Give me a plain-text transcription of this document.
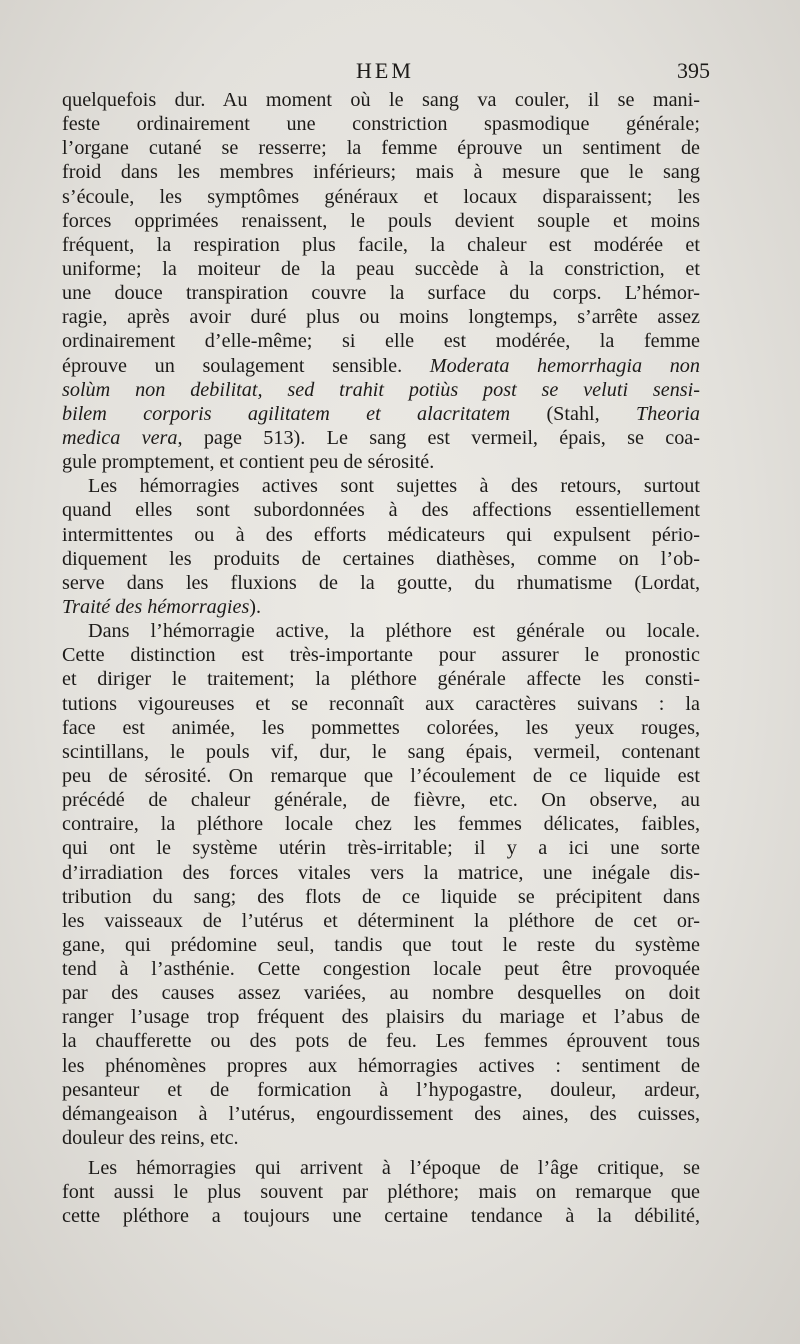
HEM	395
quelquefois dur. Au moment où le sang va couler, il se mani-
feste ordinairement une constriction spasmodique générale;
l’organe cutané se resserre; la femme éprouve un sentiment de
froid dans les membres inférieurs; mais à mesure que le sang
s’écoule, les symptômes généraux et locaux disparaissent; les
forces opprimées renaissent, le pouls devient souple et moins
fréquent, la respiration plus facile, la chaleur est modérée et
uniforme; la moiteur de la peau succède à la constriction, et
une douce transpiration couvre la surface du corps. L’hémor-
ragie, après avoir duré plus ou moins longtemps, s’arrête assez
ordinairement d’elle-même; si elle est modérée, la femme
éprouve un soulagement sensible. Moderata hemorrhagia non
solùm non debilitat, sed trahit potiùs post se veluti sensi-
bilem corporis agilitatem et alacritatem (Stahl, Theoria
medica vera, page 513). Le sang est vermeil, épais, se coa-
gule promptement, et contient peu de sérosité.
Les hémorragies actives sont sujettes à des retours, surtout
quand elles sont subordonnées à des affections essentiellement
intermittentes ou à des efforts médicateurs qui expulsent pério-
diquement les produits de certaines diathèses, comme on l’ob-
serve dans les fluxions de la goutte, du rhumatisme (Lordat,
Traité des hémorragies).
Dans l’hémorragie active, la pléthore est générale ou locale.
Cette distinction est très-importante pour assurer le pronostic
et diriger le traitement; la pléthore générale affecte les consti-
tutions vigoureuses et se reconnaît aux caractères suivans : la
face est animée, les pommettes colorées, les yeux rouges,
scintillans, le pouls vif, dur, le sang épais, vermeil, contenant
peu de sérosité. On remarque que l’écoulement de ce liquide est
précédé de chaleur générale, de fièvre, etc. On observe, au
contraire, la pléthore locale chez les femmes délicates, faibles,
qui ont le système utérin très-irritable; il y a ici une sorte
d’irradiation des forces vitales vers la matrice, une inégale dis-
tribution du sang; des flots de ce liquide se précipitent dans
les vaisseaux de l’utérus et déterminent la pléthore de cet or-
gane, qui prédomine seul, tandis que tout le reste du système
tend à l’asthénie. Cette congestion locale peut être provoquée
par des causes assez variées, au nombre desquelles on doit
ranger l’usage trop fréquent des plaisirs du mariage et l’abus de
la chaufferette ou des pots de feu. Les femmes éprouvent tous
les phénomènes propres aux hémorragies actives : sentiment de
pesanteur et de formication à l’hypogastre, douleur, ardeur,
démangeaison à l’utérus, engourdissement des aines, des cuisses,
douleur des reins, etc.
Les hémorragies qui arrivent à l’époque de l’âge critique, se
font aussi le plus souvent par pléthore; mais on remarque que
cette pléthore a toujours une certaine tendance à la débilité,
